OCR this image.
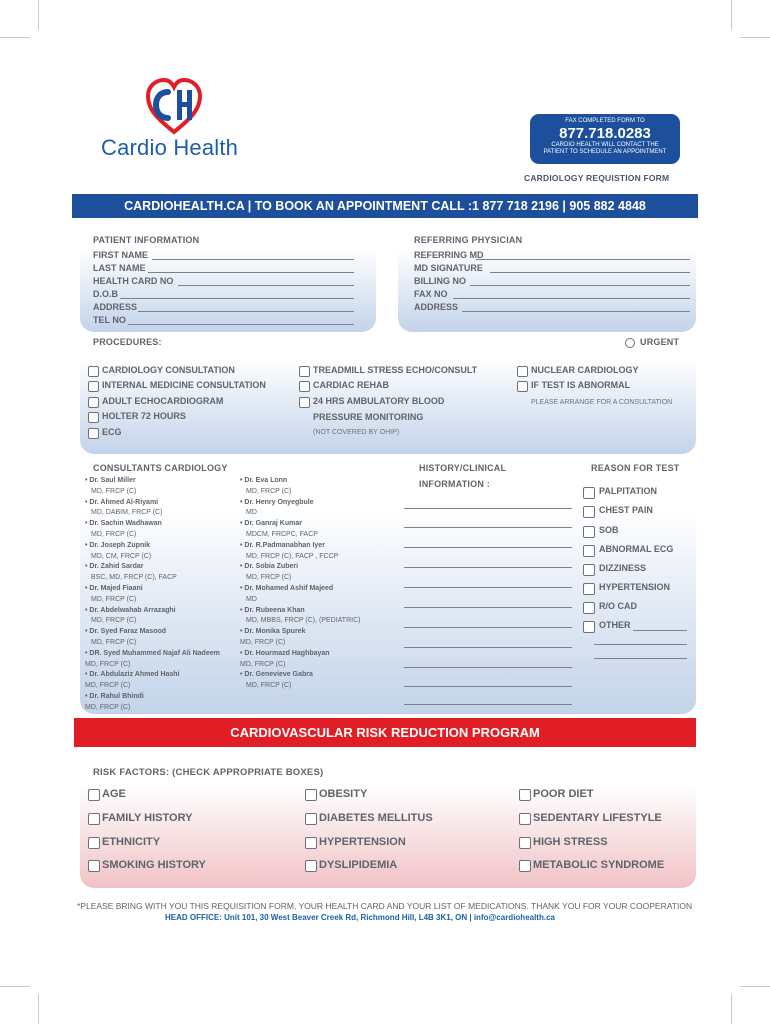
Cardio Health
FAX COMPLETED FORM TO
877.718.0283
CARDIO HEALTH WILL CONTACT THE
PATIENT TO SCHEDULE AN APPOINTMENT
CARDIOLOGY REQUISTION FORM
CARDIOHEALTH.CA | TO BOOK AN APPOINTMENT CALL :1 877 718 2196 | 905 882 4848
PATIENT INFORMATION
FIRST NAME
LAST NAME
HEALTH CARD NO
D.O.B
ADDRESS
TEL NO
REFERRING PHYSICIAN
REFERRING MD
MD SIGNATURE
BILLING NO
FAX NO
ADDRESS
PROCEDURES:	URGENT
CARDIOLOGY CONSULTATION
INTERNAL MEDICINE CONSULTATION
ADULT ECHOCARDIOGRAM
HOLTER 72 HOURS
ECG
TREADMILL STRESS ECHO/CONSULT
CARDIAC REHAB
24 HRS AMBULATORY BLOOD
PRESSURE MONITORING
(NOT COVERED BY OHIP)
NUCLEAR CARDIOLOGY
IF TEST IS ABNORMAL
PLEASE ARRANGE FOR A CONSULTATION
CONSULTANTS CARDIOLOGY
• Dr. Saul Miller
MD, FRCP (C)
• Dr. Ahmed Al-Riyami
MD, DABIM, FRCP (C)
• Dr. Sachin Wadhawan
MD, FRCP (C)
• Dr. Joseph Zupnik
MD, CM, FRCP (C)
• Dr. Zahid Sardar
BSC, MD, FRCP (C), FACP
• Dr. Majed Fiaani
MD, FRCP (C)
• Dr. Abdelwahab Arrazaghi
MD, FRCP (C)
• Dr. Syed Faraz Masood
MD, FRCP (C)
• DR. Syed Muhammed Najaf Ali Nadeem
MD, FRCP (C)
• Dr. Abdulaziz Ahmed Hashi
MD, FRCP (C)
• Dr. Rahul Bhindi
MD, FRCP (C)
• Dr. Eva Lonn
MD, FRCP (C)
• Dr. Henry Onyegbule
MD
• Dr. Ganraj Kumar
MDCM, FRCPC, FACP
• Dr. R.Padmanabhan Iyer
MD, FRCP (C), FACP , FCCP
• Dr. Sobia Zuberi
MD, FRCP (C)
• Dr. Mohamed Ashif Majeed
MD
• Dr. Rubeena Khan
MD, MBBS, FRCP (C), (PEDIATRIC)
• Dr. Monika Spurek
MD, FRCP (C)
• Dr. Hourmazd Haghbayan
MD, FRCP (C)
• Dr. Genevieve Gabra
MD, FRCP (C)
HISTORY/CLINICAL
INFORMATION :
REASON FOR TEST
PALPITATION
CHEST PAIN
SOB
ABNORMAL ECG
DIZZINESS
HYPERTENSION
R/O CAD
OTHER
CARDIOVASCULAR RISK REDUCTION PROGRAM
RISK FACTORS: (CHECK APPROPRIATE BOXES)
AGE
FAMILY HISTORY
ETHNICITY
SMOKING HISTORY
OBESITY
DIABETES MELLITUS
HYPERTENSION
DYSLIPIDEMIA
POOR DIET
SEDENTARY LIFESTYLE
HIGH STRESS
METABOLIC SYNDROME
*PLEASE BRING WITH YOU THIS REQUISITION FORM, YOUR HEALTH CARD AND YOUR LIST OF MEDICATIONS. THANK YOU FOR YOUR COOPERATION
HEAD OFFICE: Unit 101, 30 West Beaver Creek Rd, Richmond Hill, L4B 3K1, ON | info@cardiohealth.ca
